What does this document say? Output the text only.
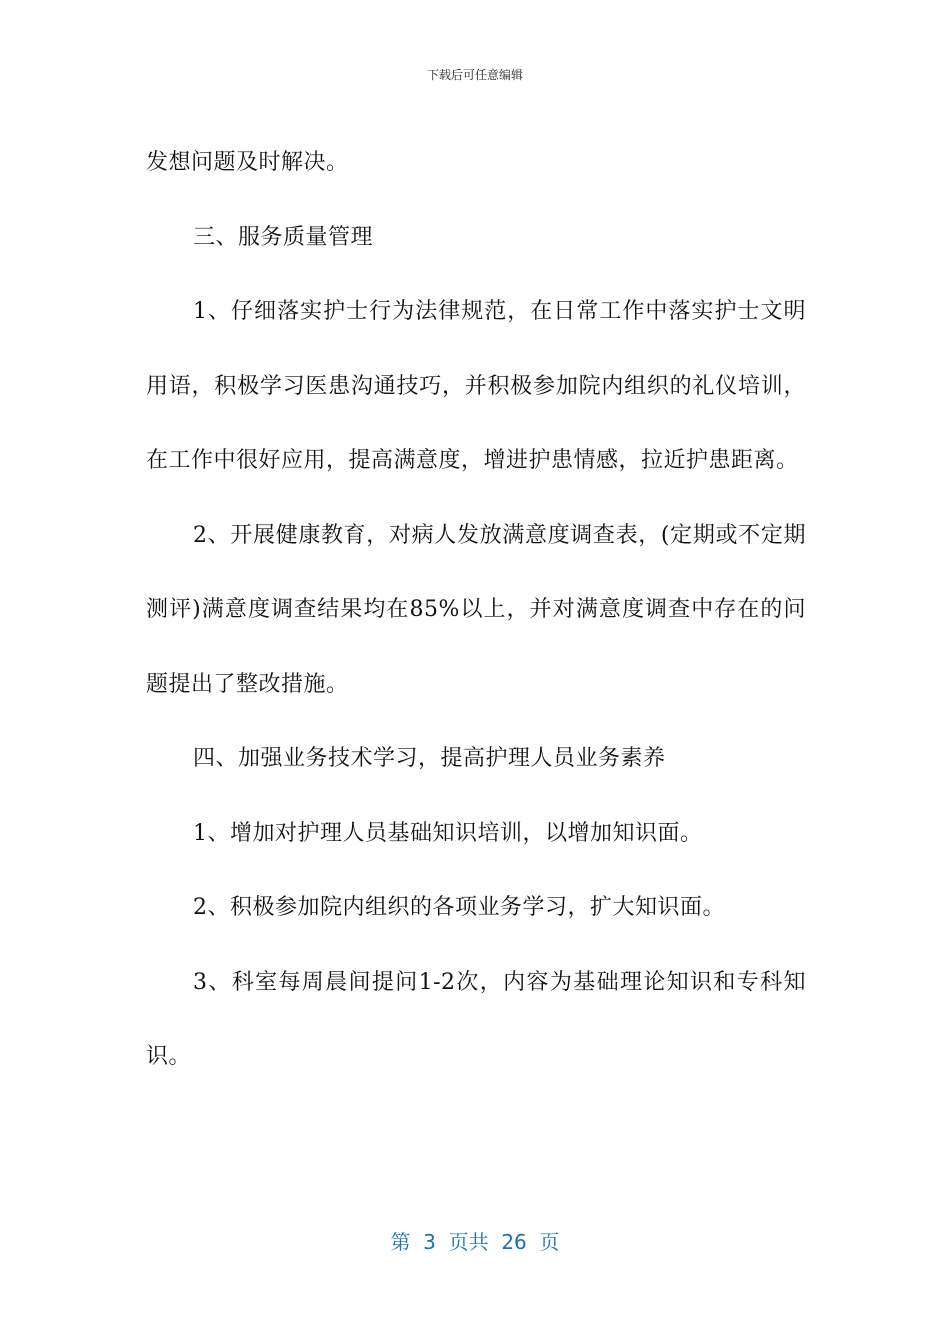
下载后可任意编辑

发想问题及时解决。

三、服务质量管理

1、仔细落实护士行为法律规范，在日常工作中落实护士文明用语，积极学习医患沟通技巧，并积极参加院内组织的礼仪培训，在工作中很好应用，提高满意度，增进护患情感，拉近护患距离。

2、开展健康教育，对病人发放满意度调查表，(定期或不定期测评)满意度调查结果均在85%以上，并对满意度调查中存在的问题提出了整改措施。

四、加强业务技术学习，提高护理人员业务素养

1、增加对护理人员基础知识培训，以增加知识面。

2、积极参加院内组织的各项业务学习，扩大知识面。

3、科室每周晨间提问1-2次，内容为基础理论知识和专科知识。

第  3  页共  26  页
